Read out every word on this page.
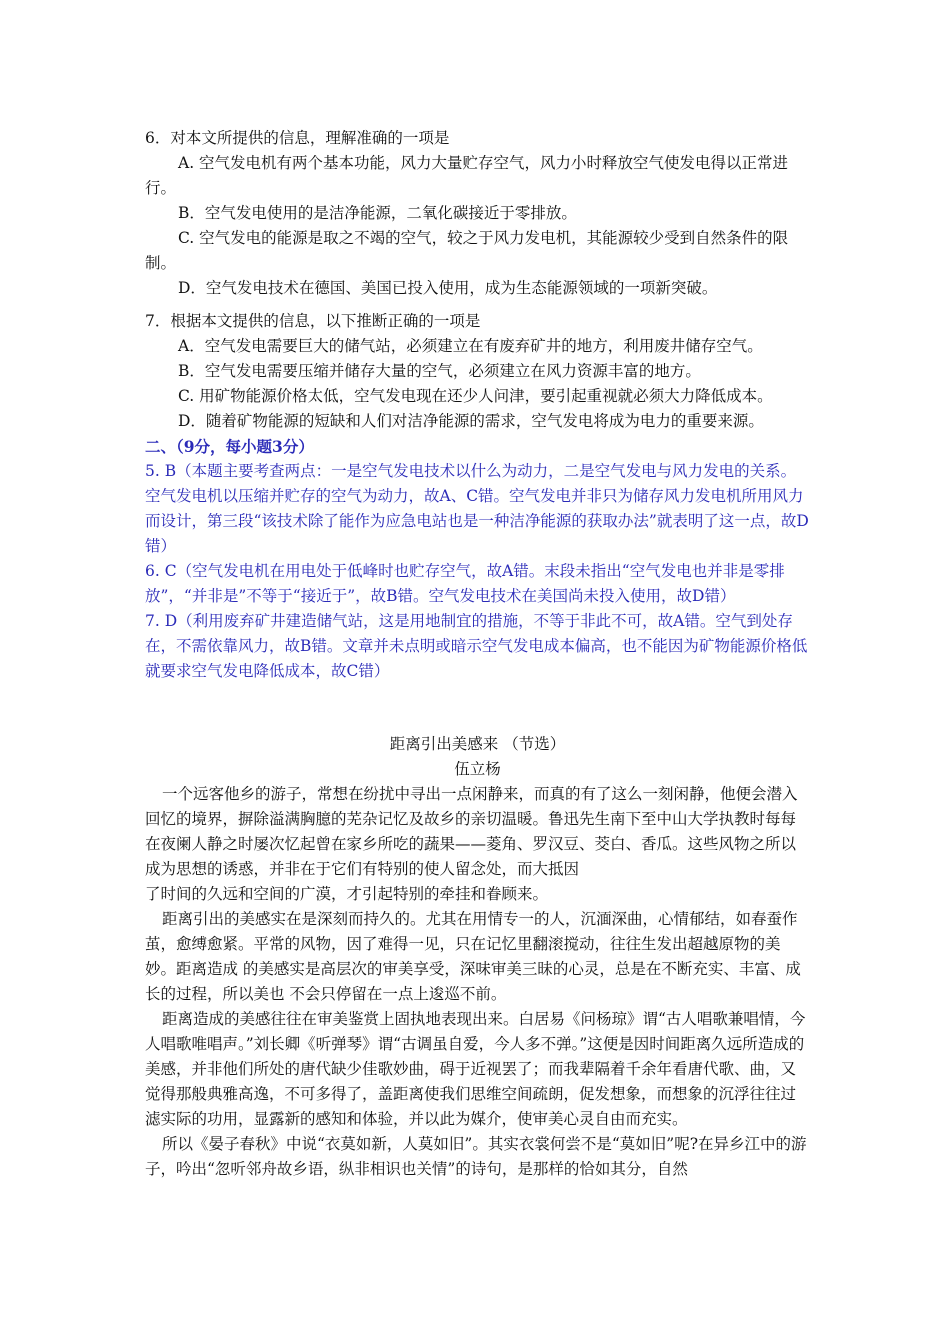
6．对本文所提供的信息，理解准确的一项是

A. 空气发电机有两个基本功能，风力大量贮存空气，风力小时释放空气使发电得以正常进行。

B．空气发电使用的是洁净能源，二氧化碳接近于零排放。

C. 空气发电的能源是取之不竭的空气，较之于风力发电机，其能源较少受到自然条件的限制。

D．空气发电技术在德国、美国已投入使用，成为生态能源领域的一项新突破。

7．根据本文提供的信息，以下推断正确的一项是

A．空气发电需要巨大的储气站，必须建立在有废弃矿井的地方，利用废井储存空气。

B．空气发电需要压缩并储存大量的空气，必须建立在风力资源丰富的地方。

C. 用矿物能源价格太低，空气发电现在还少人问津，要引起重视就必须大力降低成本。

D．随着矿物能源的短缺和人们对洁净能源的需求，空气发电将成为电力的重要来源。

二、（9分，每小题3分）

5. B（本题主要考查两点：一是空气发电技术以什么为动力，二是空气发电与风力发电的关系。空气发电机以压缩并贮存的空气为动力，故A、C错。空气发电并非只为储存风力发电机所用风力而设计，第三段“该技术除了能作为应急电站也是一种洁净能源的获取办法”就表明了这一点，故D错）

6. C（空气发电机在用电处于低峰时也贮存空气，故A错。末段未指出“空气发电也并非是零排放”，“并非是”不等于“接近于”，故B错。空气发电技术在美国尚未投入使用，故D错）

7. D（利用废弃矿井建造储气站，这是用地制宜的措施，不等于非此不可，故A错。空气到处存在，不需依靠风力，故B错。文章并未点明或暗示空气发电成本偏高，也不能因为矿物能源价格低就要求空气发电降低成本，故C错）

距离引出美感来 （节选）

伍立杨

一个远客他乡的游子，常想在纷扰中寻出一点闲静来，而真的有了这么一刻闲静，他便会潜入回忆的境界，摒除溢满胸臆的芜杂记忆及故乡的亲切温暖。鲁迅先生南下至中山大学执教时每每在夜阑人静之时屡次忆起曾在家乡所吃的蔬果——菱角、罗汉豆、茭白、香瓜。这些风物之所以成为思想的诱惑，并非在于它们有特别的使人留念处，而大抵因

了时间的久远和空间的广漠，才引起特别的牵挂和眷顾来。

距离引出的美感实在是深刻而持久的。尤其在用情专一的人，沉湎深曲，心情郁结，如春蚕作茧，愈缚愈紧。平常的风物，因了难得一见，只在记忆里翻滚搅动，往往生发出超越原物的美妙。距离造成 的美感实是高层次的审美享受，深味审美三昧的心灵，总是在不断充实、丰富、成长的过程，所以美也 不会只停留在一点上逡巡不前。

距离造成的美感往往在审美鉴赏上固执地表现出来。白居易《问杨琼》谓“古人唱歌兼唱情，今人唱歌唯唱声。”刘长卿《听弹琴》谓“古调虽自爱，今人多不弹。”这便是因时间距离久远所造成的美感，并非他们所处的唐代缺少佳歌妙曲，碍于近视罢了；而我辈隔着千余年看唐代歌、曲，又觉得那般典雅高逸，不可多得了，盖距离使我们思维空间疏朗，促发想象，而想象的沉浮往往过滤实际的功用，显露新的感知和体验，并以此为媒介，使审美心灵自由而充实。

所以《晏子春秋》中说“衣莫如新，人莫如旧”。其实衣裳何尝不是“莫如旧”呢?在异乡江中的游 子，吟出“忽听邻舟故乡语，纵非相识也关情”的诗句，是那样的恰如其分，自然
